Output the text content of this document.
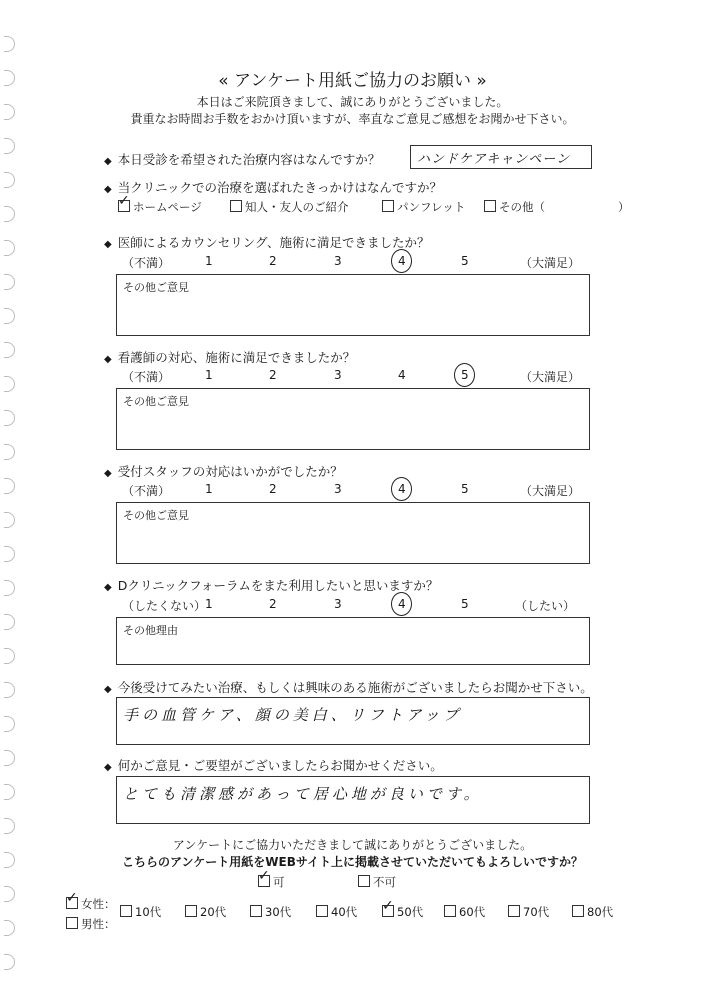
« アンケート用紙ご協力のお願い »
本日はご来院頂きまして、誠にありがとうございました。
貴重なお時間お手数をおかけ頂いますが、率直なご意見ご感想をお聞かせ下さい。
◆ 本日受診を希望された治療内容はなんですか？	ハンドケアキャンペーン
◆ 当クリニックでの治療を選ばれたきっかけはなんですか？
✓ ホームページ	知人・友人のご紹介	パンフレット	その他（	）
◆ 医師によるカウンセリング、施術に満足できましたか？
（不満）	1	2	3	4	5	（大満足）
その他ご意見
◆ 看護師の対応、施術に満足できましたか？
（不満）	1	2	3	4	5	（大満足）
その他ご意見
◆ 受付スタッフの対応はいかがでしたか？
（不満）	1	2	3	4	5	（大満足）
その他ご意見
◆ Dクリニックフォーラムをまた利用したいと思いますか？
（したくない）
1	2	3	4	5	（したい）
その他理由
◆ 今後受けてみたい治療、もしくは興味のある施術がございましたらお聞かせ下さい。
手の血管ケア、顔の美白、リフトアップ
◆ 何かご意見・ご要望がございましたらお聞かせください。
とても清潔感があって居心地が良いです。
アンケートにご協力いただきまして誠にありがとうございました。
こちらのアンケート用紙をWEBサイト上に掲載させていただいてもよろしいですか？
✓ 可	不可
✓ 女性：
男性：
10代	20代	30代	40代 ✓ 50代	60代	70代	80代
